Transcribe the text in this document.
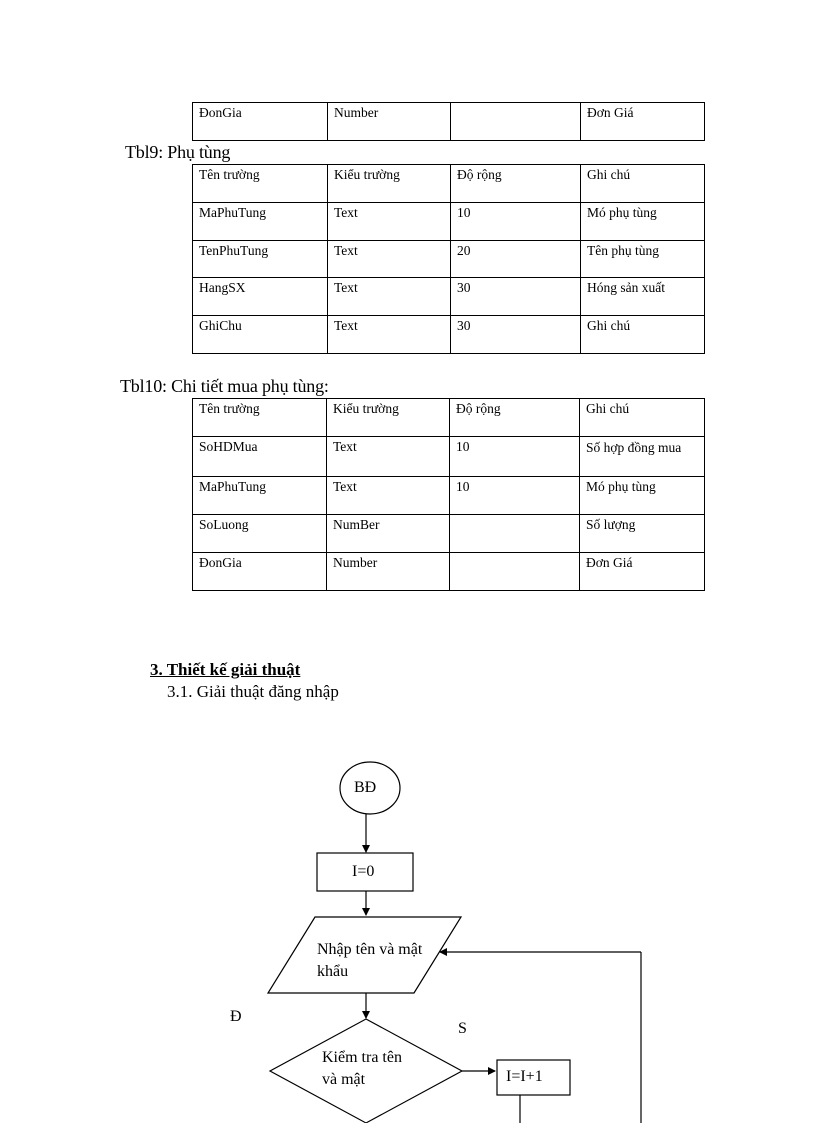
ĐonGia	Number		Đơn Giá
Tbl9: Phụ tùng
Tên trường	Kiểu trường	Độ rộng	Ghi chú
MaPhuTung	Text	10	Mó phụ tùng
TenPhuTung	Text	20	Tên phụ tùng
HangSX	Text	30	Hóng sản xuất
GhiChu	Text	30	Ghi chú
Tbl10: Chi tiết mua phụ tùng:
Tên trường	Kiểu trường	Độ rộng	Ghi chú
SoHDMua	Text	10	Số hợp đồng mua
MaPhuTung	Text	10	Mó phụ tùng
SoLuong	NumBer		Số lượng
ĐonGia	Number		Đơn Giá
3. Thiết kế giải thuật
3.1. Giải thuật đăng nhập
BĐ
I=0
Nhập tên và mật khẩu
Kiểm tra tên và mật	I=I+1
Đ
S
